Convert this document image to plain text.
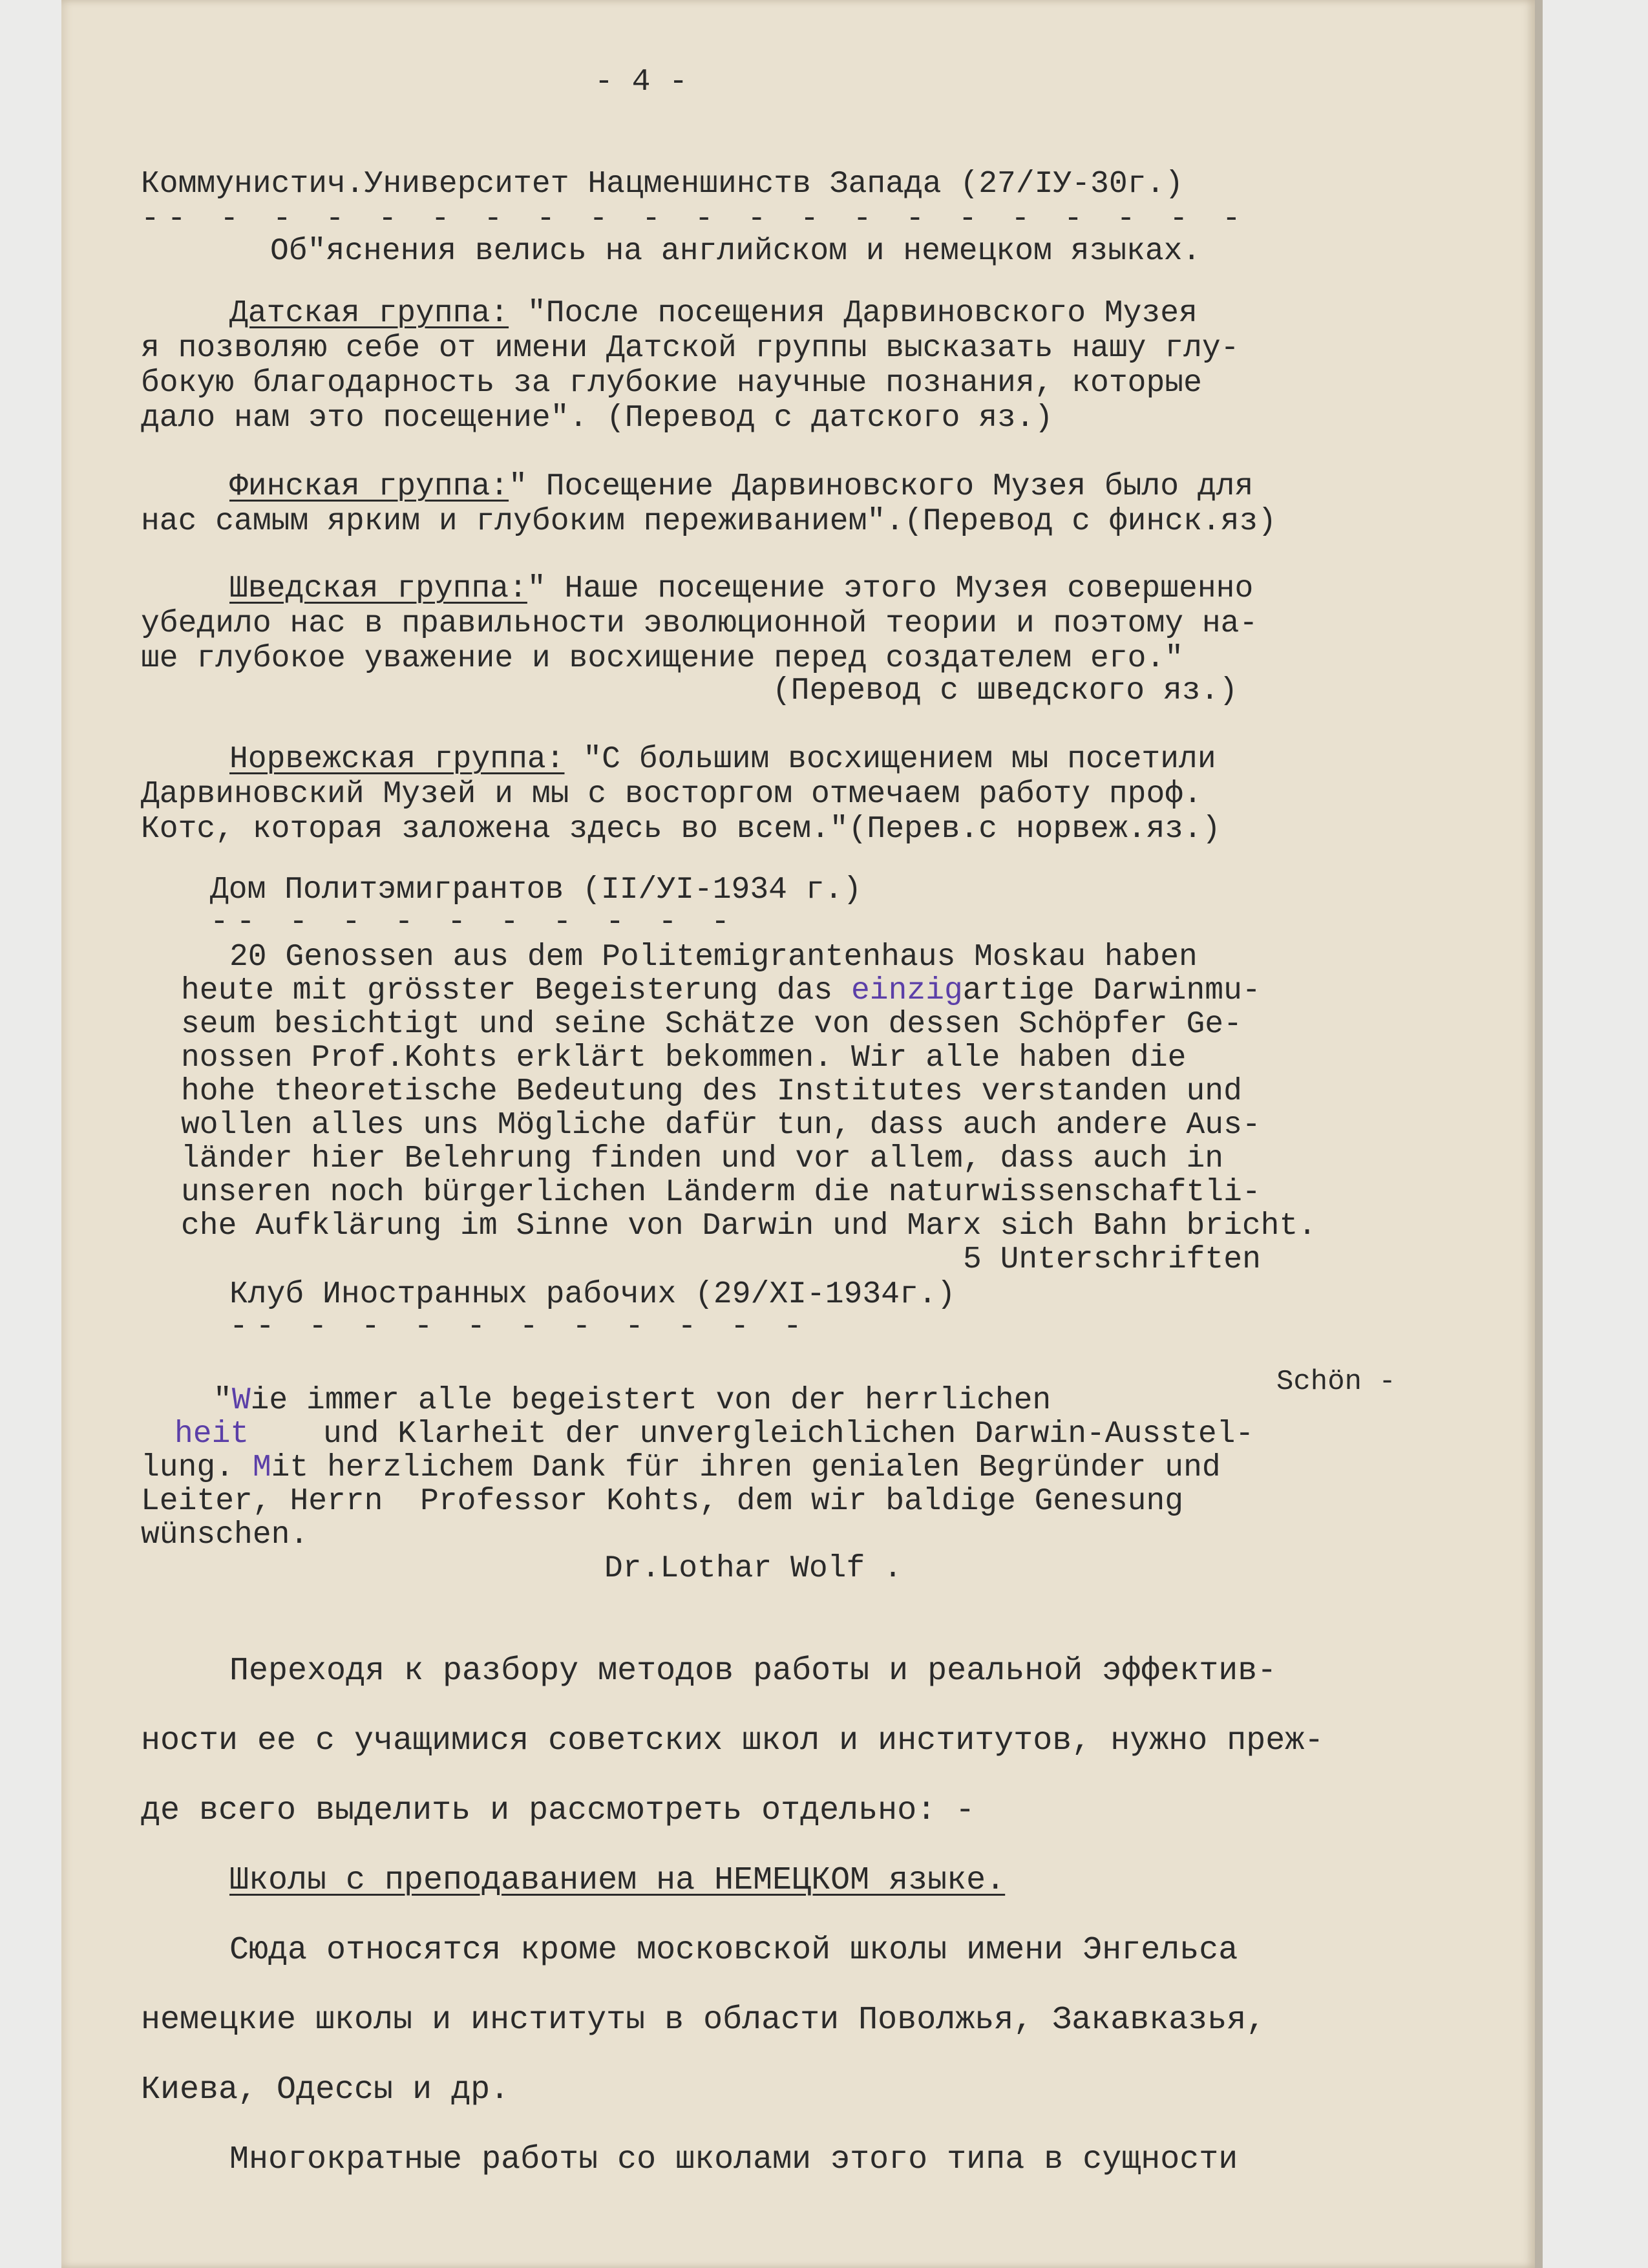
- 4 -
Коммунистич.Университет Нацменшинств Запада (27/IУ-30г.)
-- - - - - - - - - - - - - - - - - - - - -
Об"яснения велись на английском и немецком языках.
Датская группа: "После посещения Дарвиновского Музея
я позволяю себе от имени Датской группы высказать нашу глу-
бокую благодарность за глубокие научные познания, которые
дало нам это посещение". (Перевод с датского яз.)
Финская группа:" Посещение Дарвиновского Музея было для
нас самым ярким и глубоким переживанием".(Перевод с финск.яз)
Шведская группа:" Наше посещение этого Музея совершенно
убедило нас в правильности эволюционной теории и поэтому на-
ше глубокое уважение и восхищение перед создателем его."
(Перевод с шведского яз.)
Норвежская группа: "С большим восхищением мы посетили
Дарвиновский Музей и мы с восторгом отмечаем работу проф.
Котс, которая заложена здесь во всем."(Перев.с норвеж.яз.)
Дом Политэмигрантов (II/УI-1934 г.)
-- - - - - - - - - -
20 Genossen aus dem Politemigrantenhaus Moskau haben
heute mit grösster Begeisterung das einzigartige Darwinmu-
seum besichtigt und seine Schätze von dessen Schöpfer Ge-
nossen Prof.Kohts erklärt bekommen. Wir alle haben die
hohe theoretische Bedeutung des Institutes verstanden und
wollen alles uns Mögliche dafür tun, dass auch andere Aus-
länder hier Belehrung finden und vor allem, dass auch in
unseren noch bürgerlichen Länderm die naturwissenschaftli-
che Aufklärung im Sinne von Darwin und Marx sich Bahn bricht.
5 Unterschriften
Клуб Иностранных рабочих (29/XI-1934г.)
-- - - - - - - - - - -
"Wie immer alle begeistert von der herrlichen
Schön -
heit und Klarheit der unvergleichlichen Darwin-Ausstel-
lung. Mit herzlichem Dank für ihren genialen Begründer und
Leiter, Herrn  Professor Kohts, dem wir baldige Genesung
wünschen.
Dr.Lothar Wolf .
Переходя к разбору методов работы и реальной эффектив-
ности ее с учащимися советских школ и институтов, нужно преж-
де всего выделить и рассмотреть отдельно: -
Школы с преподаванием на НЕМЕЦКОМ языке.
Сюда относятся кроме московской школы имени Энгельса
немецкие школы и институты в области Поволжья, Закавказья,
Киева, Одессы и др.
Многократные работы со школами этого типа в сущности
